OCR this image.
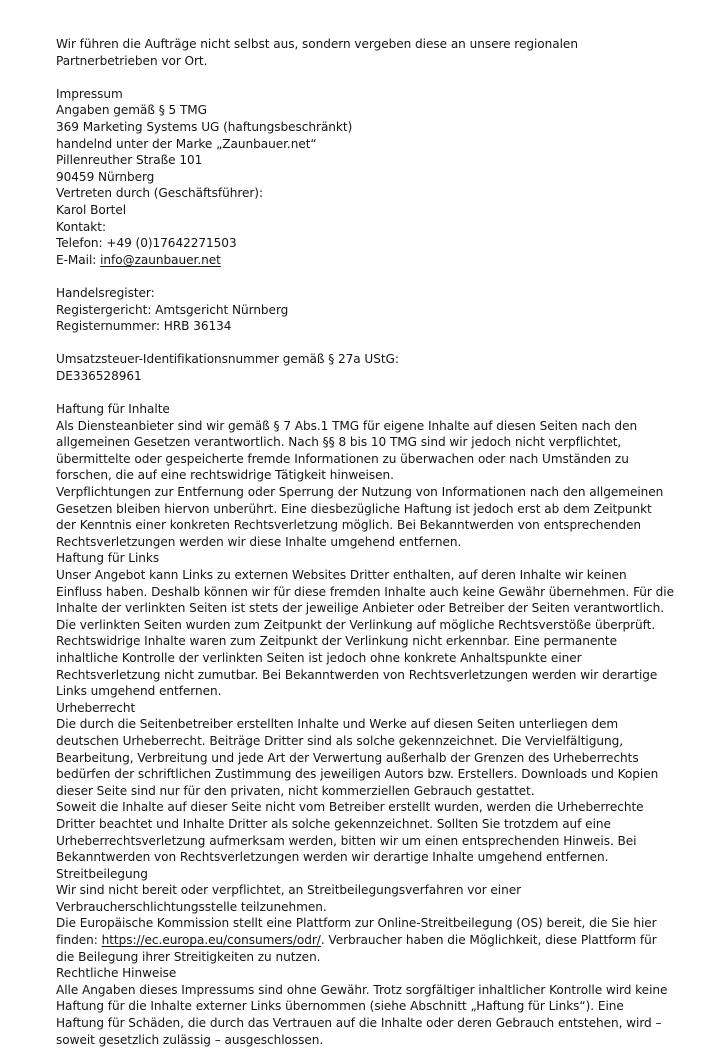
Wir führen die Aufträge nicht selbst aus, sondern vergeben diese an unsere regionalen Partnerbetrieben vor Ort.

Impressum

Angaben gemäß § 5 TMG

369 Marketing Systems UG (haftungsbeschränkt)

handelnd unter der Marke „Zaunbauer.net“

Pillenreuther Straße 101

90459 Nürnberg

Vertreten durch (Geschäftsführer):

Karol Bortel

Kontakt:

Telefon: +49 (0)17642271503

E-Mail: info@zaunbauer.net

Handelsregister:

Registergericht: Amtsgericht Nürnberg

Registernummer: HRB 36134

Umsatzsteuer-Identifikationsnummer gemäß § 27a UStG:

DE336528961

Haftung für Inhalte

Als Diensteanbieter sind wir gemäß § 7 Abs.1 TMG für eigene Inhalte auf diesen Seiten nach den allgemeinen Gesetzen verantwortlich. Nach §§ 8 bis 10 TMG sind wir jedoch nicht verpflichtet, übermittelte oder gespeicherte fremde Informationen zu überwachen oder nach Umständen zu forschen, die auf eine rechtswidrige Tätigkeit hinweisen.

Verpflichtungen zur Entfernung oder Sperrung der Nutzung von Informationen nach den allgemeinen Gesetzen bleiben hiervon unberührt. Eine diesbezügliche Haftung ist jedoch erst ab dem Zeitpunkt der Kenntnis einer konkreten Rechtsverletzung möglich. Bei Bekanntwerden von entsprechenden Rechtsverletzungen werden wir diese Inhalte umgehend entfernen.

Haftung für Links

Unser Angebot kann Links zu externen Websites Dritter enthalten, auf deren Inhalte wir keinen Einfluss haben. Deshalb können wir für diese fremden Inhalte auch keine Gewähr übernehmen. Für die Inhalte der verlinkten Seiten ist stets der jeweilige Anbieter oder Betreiber der Seiten verantwortlich.

Die verlinkten Seiten wurden zum Zeitpunkt der Verlinkung auf mögliche Rechtsverstöße überprüft. Rechtswidrige Inhalte waren zum Zeitpunkt der Verlinkung nicht erkennbar. Eine permanente inhaltliche Kontrolle der verlinkten Seiten ist jedoch ohne konkrete Anhaltspunkte einer Rechtsverletzung nicht zumutbar. Bei Bekanntwerden von Rechtsverletzungen werden wir derartige Links umgehend entfernen.

Urheberrecht

Die durch die Seitenbetreiber erstellten Inhalte und Werke auf diesen Seiten unterliegen dem deutschen Urheberrecht. Beiträge Dritter sind als solche gekennzeichnet. Die Vervielfältigung, Bearbeitung, Verbreitung und jede Art der Verwertung außerhalb der Grenzen des Urheberrechts bedürfen der schriftlichen Zustimmung des jeweiligen Autors bzw. Erstellers. Downloads und Kopien dieser Seite sind nur für den privaten, nicht kommerziellen Gebrauch gestattet.

Soweit die Inhalte auf dieser Seite nicht vom Betreiber erstellt wurden, werden die Urheberrechte Dritter beachtet und Inhalte Dritter als solche gekennzeichnet. Sollten Sie trotzdem auf eine Urheberrechtsverletzung aufmerksam werden, bitten wir um einen entsprechenden Hinweis. Bei Bekanntwerden von Rechtsverletzungen werden wir derartige Inhalte umgehend entfernen.

Streitbeilegung

Wir sind nicht bereit oder verpflichtet, an Streitbeilegungsverfahren vor einer Verbraucherschlichtungsstelle teilzunehmen.

Die Europäische Kommission stellt eine Plattform zur Online-Streitbeilegung (OS) bereit, die Sie hier finden: https://ec.europa.eu/consumers/odr/. Verbraucher haben die Möglichkeit, diese Plattform für die Beilegung ihrer Streitigkeiten zu nutzen.

Rechtliche Hinweise

Alle Angaben dieses Impressums sind ohne Gewähr. Trotz sorgfältiger inhaltlicher Kontrolle wird keine Haftung für die Inhalte externer Links übernommen (siehe Abschnitt „Haftung für Links“). Eine Haftung für Schäden, die durch das Vertrauen auf die Inhalte oder deren Gebrauch entstehen, wird – soweit gesetzlich zulässig – ausgeschlossen.
